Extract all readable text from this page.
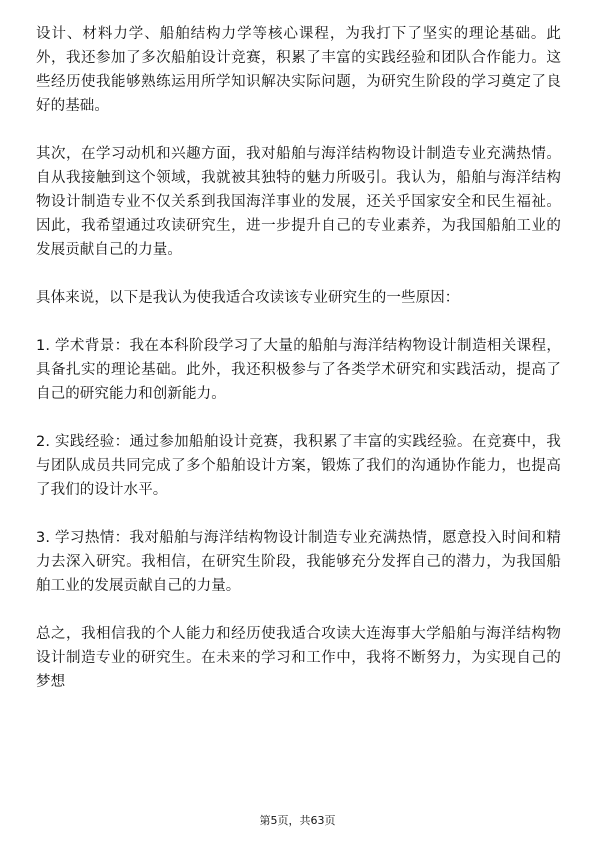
设计、材料力学、船舶结构力学等核心课程，为我打下了坚实的理论基础。此外，我还参加了多次船舶设计竞赛，积累了丰富的实践经验和团队合作能力。这些经历使我能够熟练运用所学知识解决实际问题，为研究生阶段的学习奠定了良好的基础。

其次，在学习动机和兴趣方面，我对船舶与海洋结构物设计制造专业充满热情。自从我接触到这个领域，我就被其独特的魅力所吸引。我认为，船舶与海洋结构物设计制造专业不仅关系到我国海洋事业的发展，还关乎国家安全和民生福祉。因此，我希望通过攻读研究生，进一步提升自己的专业素养，为我国船舶工业的发展贡献自己的力量。

具体来说，以下是我认为使我适合攻读该专业研究生的一些原因：

1. 学术背景：我在本科阶段学习了大量的船舶与海洋结构物设计制造相关课程，具备扎实的理论基础。此外，我还积极参与了各类学术研究和实践活动，提高了自己的研究能力和创新能力。

2. 实践经验：通过参加船舶设计竞赛，我积累了丰富的实践经验。在竞赛中，我与团队成员共同完成了多个船舶设计方案，锻炼了我们的沟通协作能力，也提高了我们的设计水平。

3. 学习热情：我对船舶与海洋结构物设计制造专业充满热情，愿意投入时间和精力去深入研究。我相信，在研究生阶段，我能够充分发挥自己的潜力，为我国船舶工业的发展贡献自己的力量。

总之，我相信我的个人能力和经历使我适合攻读大连海事大学船舶与海洋结构物设计制造专业的研究生。在未来的学习和工作中，我将不断努力，为实现自己的梦想

第5页，共63页
